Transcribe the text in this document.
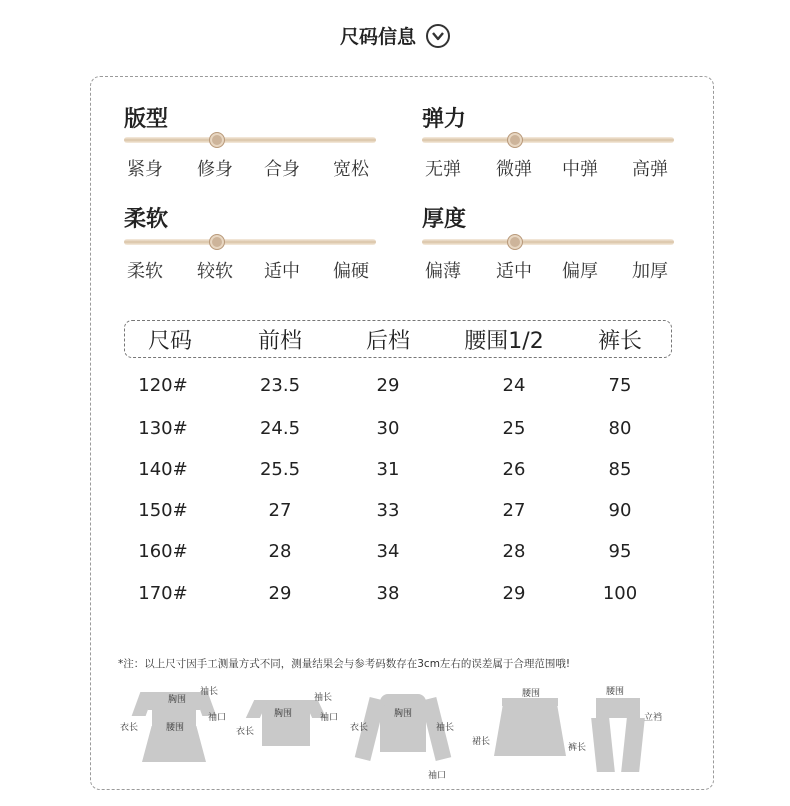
尺码信息
版型
紧身 修身 合身 宽松
弹力
无弹 微弹 中弹 高弹
柔软
柔软 较软 适中 偏硬
厚度
偏薄 适中 偏厚 加厚
尺码	前档	后档	腰围1/2	裤长
120#	23.5	29	24	75
130#	24.5	30	25	80
140#	25.5	31	26	85
150#	27	33	27	90
160#	28	34	28	95
170#	29	38	29	100
*注：以上尺寸因手工测量方式不同，测量结果会与参考码数存在3cm左右的误差属于合理范围哦!
胸围
袖长
袖口
衣长	腰围
袖长
胸围	袖口
衣长	衣长
胸围
袖长
袖口
腰围
裙长
腰围
立裆
裤长
